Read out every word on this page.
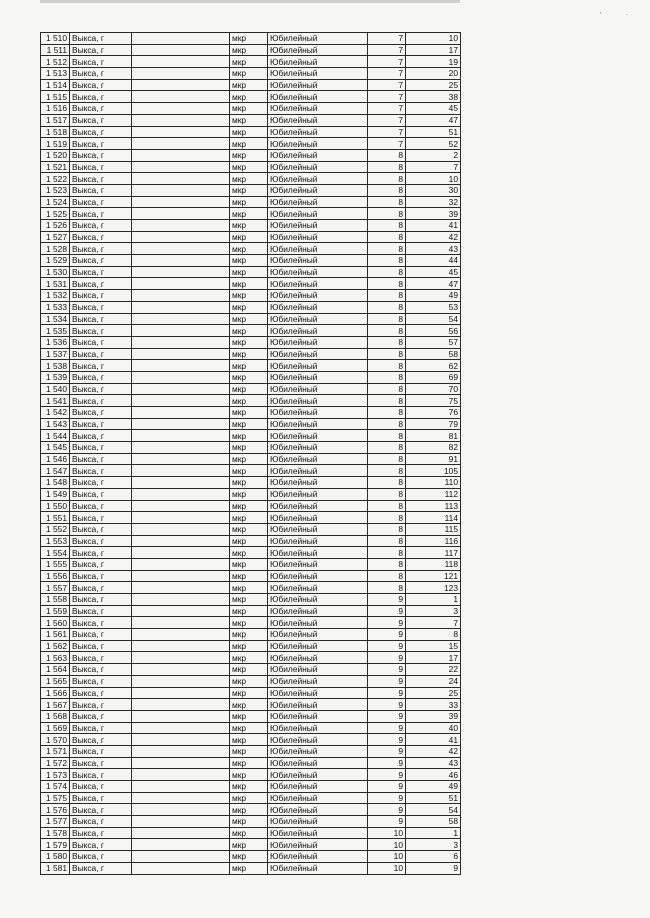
'	.
1 510	Выкса, г		мкр	Юбилейный	7	10
1 511	Выкса, г		мкр	Юбилейный	7	17
1 512	Выкса, г		мкр	Юбилейный	7	19
1 513	Выкса, г		мкр	Юбилейный	7	20
1 514	Выкса, г		мкр	Юбилейный	7	25
1 515	Выкса, г		мкр	Юбилейный	7	38
1 516	Выкса, г		мкр	Юбилейный	7	45
1 517	Выкса, г		мкр	Юбилейный	7	47
1 518	Выкса, г		мкр	Юбилейный	7	51
1 519	Выкса, г		мкр	Юбилейный	7	52
1 520	Выкса, г		мкр	Юбилейный	8	2
1 521	Выкса, г		мкр	Юбилейный	8	7
1 522	Выкса, г		мкр	Юбилейный	8	10
1 523	Выкса, г		мкр	Юбилейный	8	30
1 524	Выкса, г		мкр	Юбилейный	8	32
1 525	Выкса, г		мкр	Юбилейный	8	39
1 526	Выкса, г		мкр	Юбилейный	8	41
1 527	Выкса, г		мкр	Юбилейный	8	42
1 528	Выкса, г		мкр	Юбилейный	8	43
1 529	Выкса, г		мкр	Юбилейный	8	44
1 530	Выкса, г		мкр	Юбилейный	8	45
1 531	Выкса, г		мкр	Юбилейный	8	47
1 532	Выкса, г		мкр	Юбилейный	8	49
1 533	Выкса, г		мкр	Юбилейный	8	53
1 534	Выкса, г		мкр	Юбилейный	8	54
1 535	Выкса, г		мкр	Юбилейный	8	56
1 536	Выкса, г		мкр	Юбилейный	8	57
1 537	Выкса, г		мкр	Юбилейный	8	58
1 538	Выкса, г		мкр	Юбилейный	8	62
1 539	Выкса, г		мкр	Юбилейный	8	69
1 540	Выкса, г		мкр	Юбилейный	8	70
1 541	Выкса, г		мкр	Юбилейный	8	75
1 542	Выкса, г		мкр	Юбилейный	8	76
1 543	Выкса, г		мкр	Юбилейный	8	79
1 544	Выкса, г		мкр	Юбилейный	8	81
1 545	Выкса, г		мкр	Юбилейный	8	82
1 546	Выкса, г		мкр	Юбилейный	8	91
1 547	Выкса, г		мкр	Юбилейный	8	105
1 548	Выкса, г		мкр	Юбилейный	8	110
1 549	Выкса, г		мкр	Юбилейный	8	112
1 550	Выкса, г		мкр	Юбилейный	8	113
1 551	Выкса, г		мкр	Юбилейный	8	114
1 552	Выкса, г		мкр	Юбилейный	8	115
1 553	Выкса, г		мкр	Юбилейный	8	116
1 554	Выкса, г		мкр	Юбилейный	8	117
1 555	Выкса, г		мкр	Юбилейный	8	118
1 556	Выкса, г		мкр	Юбилейный	8	121
1 557	Выкса, г		мкр	Юбилейный	8	123
1 558	Выкса, г		мкр	Юбилейный	9	1
1 559	Выкса, г		мкр	Юбилейный	9	3
1 560	Выкса, г		мкр	Юбилейный	9	7
1 561	Выкса, г		мкр	Юбилейный	9	8
1 562	Выкса, г		мкр	Юбилейный	9	15
1 563	Выкса, г		мкр	Юбилейный	9	17
1 564	Выкса, г		мкр	Юбилейный	9	22
1 565	Выкса, г		мкр	Юбилейный	9	24
1 566	Выкса, г		мкр	Юбилейный	9	25
1 567	Выкса, г		мкр	Юбилейный	9	33
1 568	Выкса, г		мкр	Юбилейный	9	39
1 569	Выкса, г		мкр	Юбилейный	9	40
1 570	Выкса, г		мкр	Юбилейный	9	41
1 571	Выкса, г		мкр	Юбилейный	9	42
1 572	Выкса, г		мкр	Юбилейный	9	43
1 573	Выкса, г		мкр	Юбилейный	9	46
1 574	Выкса, г		мкр	Юбилейный	9	49
1 575	Выкса, г		мкр	Юбилейный	9	51
1 576	Выкса, г		мкр	Юбилейный	9	54
1 577	Выкса, г		мкр	Юбилейный	9	58
1 578	Выкса, г		мкр	Юбилейный	10	1
1 579	Выкса, г		мкр	Юбилейный	10	3
1 580	Выкса, г		мкр	Юбилейный	10	6
1 581	Выкса, г		мкр	Юбилейный	10	9
